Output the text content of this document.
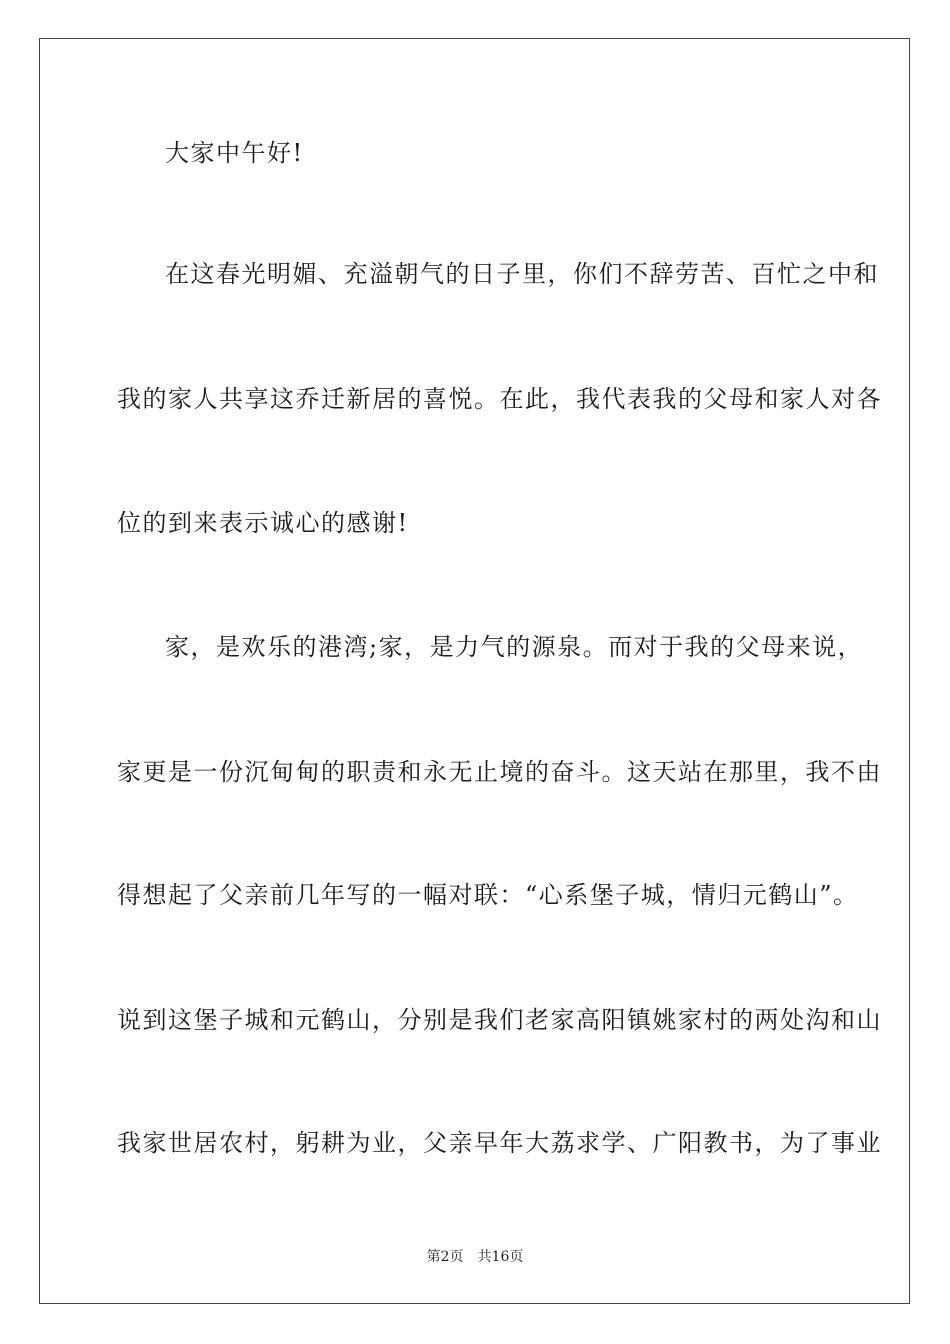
大家中午好!
在这春光明媚、充溢朝气的日子里，你们不辞劳苦、百忙之中和
我的家人共享这乔迁新居的喜悦。在此，我代表我的父母和家人对各
位的到来表示诚心的感谢!
家，是欢乐的港湾;家，是力气的源泉。而对于我的父母来说，
家更是一份沉甸甸的职责和永无止境的奋斗。这天站在那里，我不由
得想起了父亲前几年写的一幅对联：“心系堡子城，情归元鹤山”。
说到这堡子城和元鹤山，分别是我们老家高阳镇姚家村的两处沟和山
我家世居农村，躬耕为业，父亲早年大荔求学、广阳教书，为了事业
第2页 共16页
